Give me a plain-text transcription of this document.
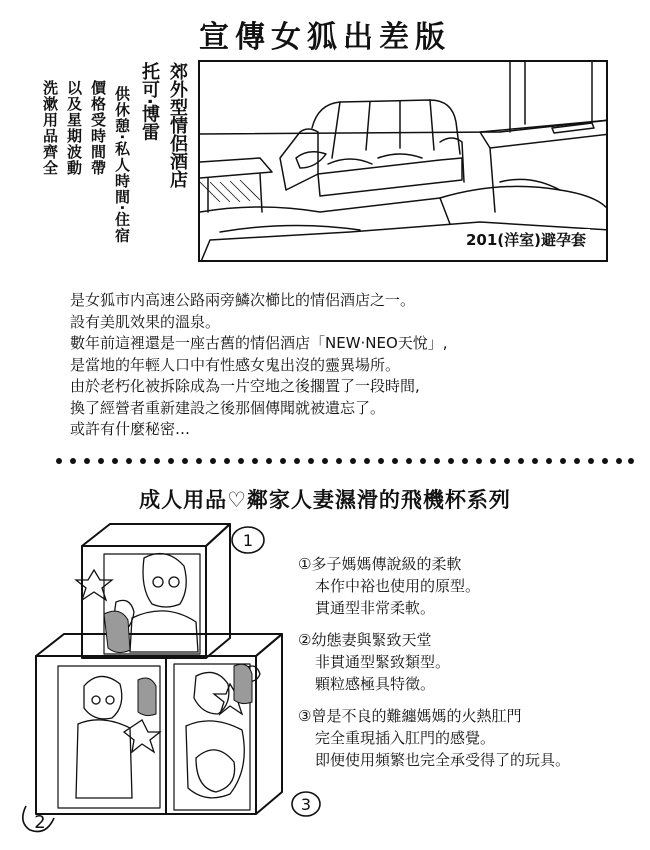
宣傳女狐出差版
郊外型情侶酒店
托可·博雷
供休憩·私人時間·住宿
價格受時間帶
以及星期波動
洗漱用品齊全
201(洋室)避孕套
是女狐市内高速公路兩旁鱗次櫛比的情侶酒店之一。
設有美肌效果的溫泉。
數年前這裡還是一座古舊的情侶酒店「NEW·NEO天悅」,
是當地的年輕人口中有性感女鬼出沒的靈異場所。
由於老朽化被拆除成為一片空地之後擱置了一段時間,
換了經營者重新建設之後那個傳聞就被遺忘了。
或許有什麼秘密…
成人用品♡鄰家人妻濕滑的飛機杯系列
1
2
3
①多子媽媽傳說級的柔軟
本作中裕也使用的原型。
貫通型非常柔軟。
②幼態妻與緊致天堂
非貫通型緊致類型。
顆粒感極具特徵。
③曾是不良的難纏媽媽的火熱肛門
完全重現插入肛門的感覺。
即便使用頻繁也完全承受得了的玩具。
